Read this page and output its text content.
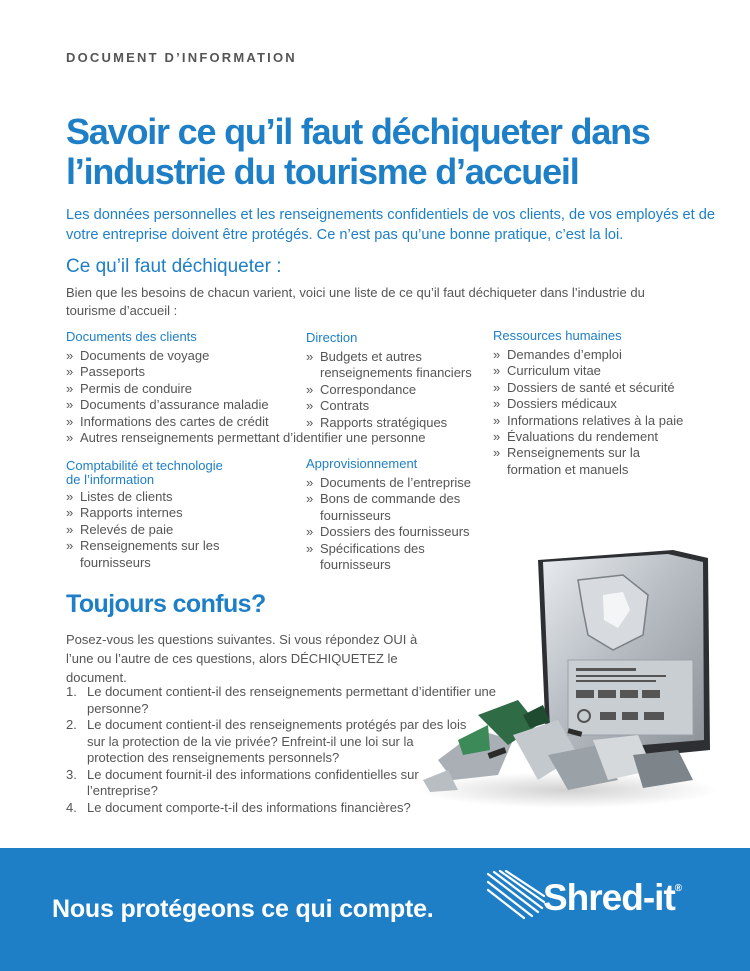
DOCUMENT D’INFORMATION
Savoir ce qu’il faut déchiqueter dans
l’industrie du tourisme d’accueil
Les données personnelles et les renseignements confidentiels de vos clients, de vos employés et de votre entreprise doivent être protégés. Ce n’est pas qu’une bonne pratique, c’est la loi.
Ce qu’il faut déchiqueter :
Bien que les besoins de chacun varient, voici une liste de ce qu’il faut déchiqueter dans l’industrie du tourisme d’accueil :
Documents des clients
» Documents de voyage
» Passeports
» Permis de conduire
» Documents d’assurance maladie
» Informations des cartes de crédit
» Autres renseignements permettant d’identifier une personne
Comptabilité et technologie
de l’information
» Listes de clients
» Rapports internes
» Relevés de paie
» Renseignements sur les fournisseurs
Direction
» Budgets et autres renseignements financiers
» Correspondance
» Contrats
» Rapports stratégiques
Approvisionnement
» Documents de l’entreprise
» Bons de commande des fournisseurs
» Dossiers des fournisseurs
» Spécifications des fournisseurs
Ressources humaines
» Demandes d’emploi
» Curriculum vitae
» Dossiers de santé et sécurité
» Dossiers médicaux
» Informations relatives à la paie
» Évaluations du rendement
» Renseignements sur la formation et manuels
Toujours confus?
Posez-vous les questions suivantes. Si vous répondez OUI à l’une ou l’autre de ces questions, alors DÉCHIQUETEZ le document.
1. Le document contient-il des renseignements permettant d’identifier une personne?
2. Le document contient-il des renseignements protégés par des lois sur la protection de la vie privée? Enfreint-il une loi sur la protection des renseignements personnels?
3. Le document fournit-il des informations confidentielles sur l’entreprise?
4. Le document comporte-t-il des informations financières?
Nous protégeons ce qui compte.	Shred-it®
